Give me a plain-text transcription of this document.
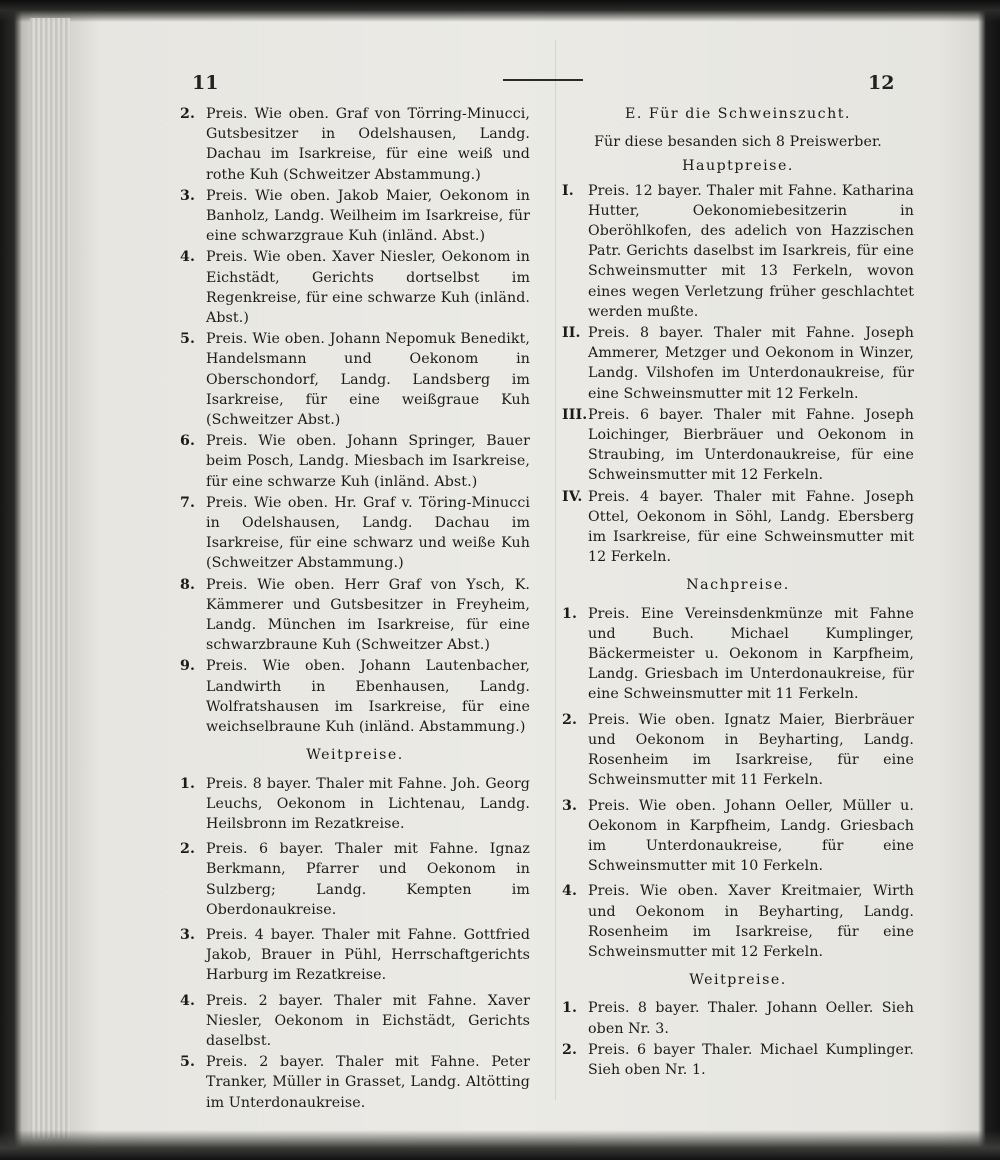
11	12
2. Preis. Wie oben. Graf von Törring-Minucci, Gutsbesitzer in Odelshausen, Landg. Dachau im Isarkreise, für eine weiß und rothe Kuh (Schweitzer Abstammung.)
3. Preis. Wie oben. Jakob Maier, Oekonom in Banholz, Landg. Weilheim im Isarkreise, für eine schwarzgraue Kuh (inländ. Abst.)
4. Preis. Wie oben. Xaver Niesler, Oekonom in Eichstädt, Gerichts dortselbst im Regenkreise, für eine schwarze Kuh (inländ. Abst.)
5. Preis. Wie oben. Johann Nepomuk Benedikt, Handelsmann und Oekonom in Oberschondorf, Landg. Landsberg im Isarkreise, für eine weißgraue Kuh (Schweitzer Abst.)
6. Preis. Wie oben. Johann Springer, Bauer beim Posch, Landg. Miesbach im Isarkreise, für eine schwarze Kuh (inländ. Abst.)
7. Preis. Wie oben. Hr. Graf v. Töring-Minucci in Odelshausen, Landg. Dachau im Isarkreise, für eine schwarz und weiße Kuh (Schweitzer Abstammung.)
8. Preis. Wie oben. Herr Graf von Ysch, K. Kämmerer und Gutsbesitzer in Freyheim, Landg. München im Isarkreise, für eine schwarzbraune Kuh (Schweitzer Abst.)
9. Preis. Wie oben. Johann Lautenbacher, Landwirth in Ebenhausen, Landg. Wolfratshausen im Isarkreise, für eine weichselbraune Kuh (inländ. Abstammung.)
Weitpreise.
1. Preis. 8 bayer. Thaler mit Fahne. Joh. Georg Leuchs, Oekonom in Lichtenau, Landg. Heilsbronn im Rezatkreise.
2. Preis. 6 bayer. Thaler mit Fahne. Ignaz Berkmann, Pfarrer und Oekonom in Sulzberg; Landg. Kempten im Oberdonaukreise.
3. Preis. 4 bayer. Thaler mit Fahne. Gottfried Jakob, Brauer in Pühl, Herrschaftgerichts Harburg im Rezatkreise.
4. Preis. 2 bayer. Thaler mit Fahne. Xaver Niesler, Oekonom in Eichstädt, Gerichts daselbst.
5. Preis. 2 bayer. Thaler mit Fahne. Peter Tranker, Müller in Grasset, Landg. Altötting im Unterdonaukreise.
E. Für die Schweinszucht.
Für diese besanden sich 8 Preiswerber.
Hauptpreise.
I. Preis. 12 bayer. Thaler mit Fahne. Katharina Hutter, Oekonomiebesitzerin in Oberöhlkofen, des adelich von Hazzischen Patr. Gerichts daselbst im Isarkreis, für eine Schweinsmutter mit 13 Ferkeln, wovon eines wegen Verletzung früher geschlachtet werden mußte.
II. Preis. 8 bayer. Thaler mit Fahne. Joseph Ammerer, Metzger und Oekonom in Winzer, Landg. Vilshofen im Unterdonaukreise, für eine Schweinsmutter mit 12 Ferkeln.
III. Preis. 6 bayer. Thaler mit Fahne. Joseph Loichinger, Bierbräuer und Oekonom in Straubing, im Unterdonaukreise, für eine Schweinsmutter mit 12 Ferkeln.
IV. Preis. 4 bayer. Thaler mit Fahne. Joseph Ottel, Oekonom in Söhl, Landg. Ebersberg im Isarkreise, für eine Schweinsmutter mit 12 Ferkeln.
Nachpreise.
1. Preis. Eine Vereinsdenkmünze mit Fahne und Buch. Michael Kumplinger, Bäckermeister u. Oekonom in Karpfheim, Landg. Griesbach im Unterdonaukreise, für eine Schweinsmutter mit 11 Ferkeln.
2. Preis. Wie oben. Ignatz Maier, Bierbräuer und Oekonom in Beyharting, Landg. Rosenheim im Isarkreise, für eine Schweinsmutter mit 11 Ferkeln.
3. Preis. Wie oben. Johann Oeller, Müller u. Oekonom in Karpfheim, Landg. Griesbach im Unterdonaukreise, für eine Schweinsmutter mit 10 Ferkeln.
4. Preis. Wie oben. Xaver Kreitmaier, Wirth und Oekonom in Beyharting, Landg. Rosenheim im Isarkreise, für eine Schweinsmutter mit 12 Ferkeln.
Weitpreise.
1. Preis. 8 bayer. Thaler. Johann Oeller. Sieh oben Nr. 3.
2. Preis. 6 bayer Thaler. Michael Kumplinger. Sieh oben Nr. 1.
